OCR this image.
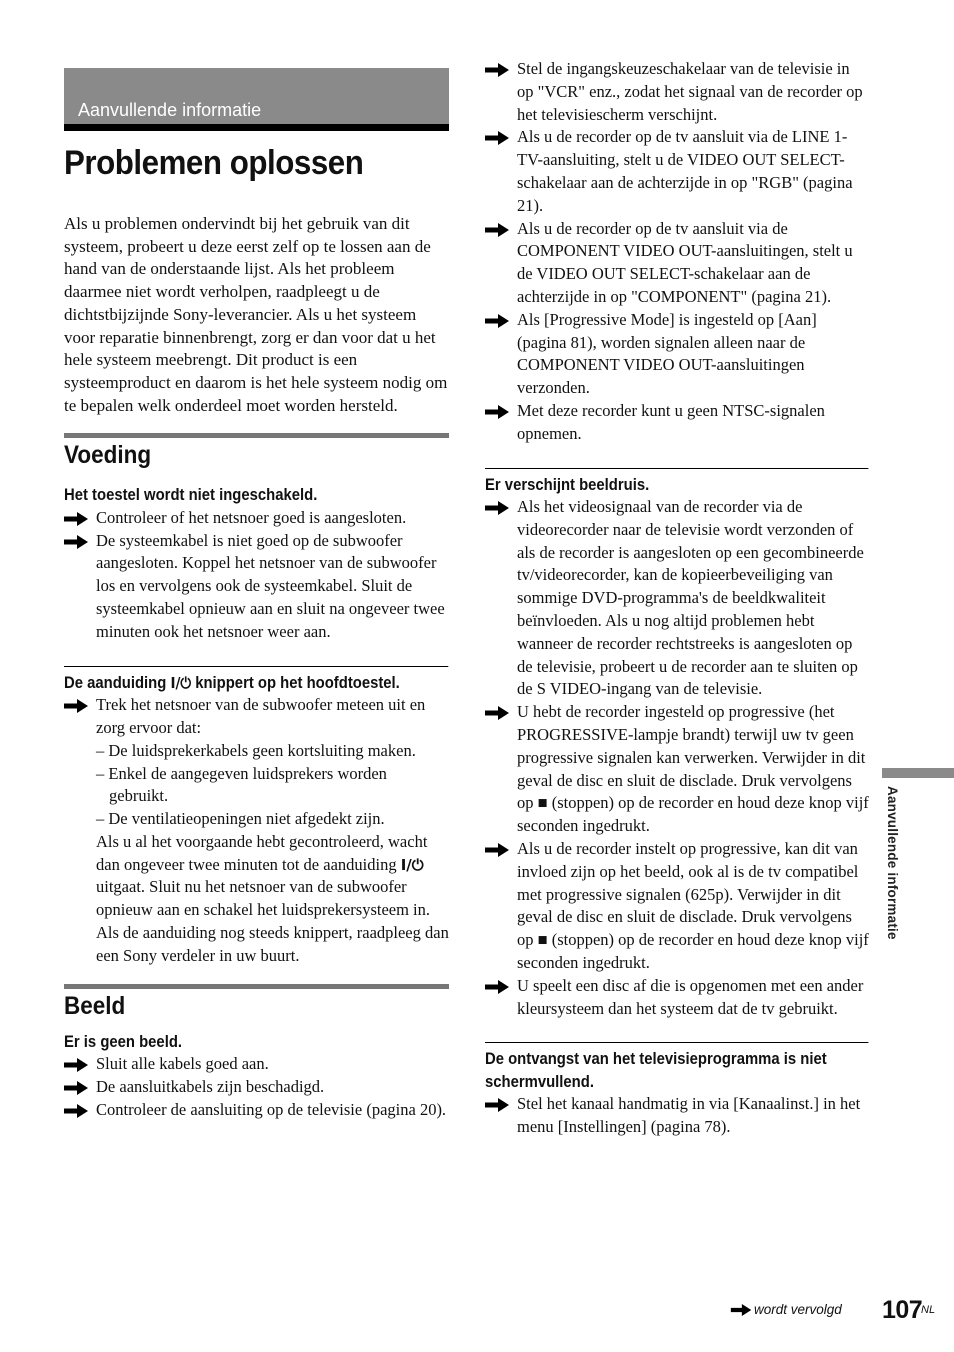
Aanvullende informatie
Problemen oplossen

Als u problemen ondervindt bij het gebruik van dit systeem, probeert u deze eerst zelf op te lossen aan de hand van de onderstaande lijst. Als het probleem daarmee niet wordt verholpen, raadpleegt u de dichtstbijzijnde Sony-leverancier. Als u het systeem voor reparatie binnenbrengt, zorg er dan voor dat u het hele systeem meebrengt. Dit product is een systeemproduct en daarom is het hele systeem nodig om te bepalen welk onderdeel moet worden hersteld.

Voeding
Het toestel wordt niet ingeschakeld.
Controleer of het netsnoer goed is aangesloten.
De systeemkabel is niet goed op de subwoofer aangesloten. Koppel het netsnoer van de subwoofer los en vervolgens ook de systeemkabel. Sluit de systeemkabel opnieuw aan en sluit na ongeveer twee minuten ook het netsnoer weer aan.
De aanduiding I/⏻ knippert op het hoofdtoestel.
Trek het netsnoer van de subwoofer meteen uit en zorg ervoor dat:
– De luidsprekerkabels geen kortsluiting maken.
– Enkel de aangegeven luidsprekers worden gebruikt.
– De ventilatieopeningen niet afgedekt zijn.
Als u al het voorgaande hebt gecontroleerd, wacht dan ongeveer twee minuten tot de aanduiding I/⏻ uitgaat. Sluit nu het netsnoer van de subwoofer opnieuw aan en schakel het luidsprekersysteem in. Als de aanduiding nog steeds knippert, raadpleeg dan een Sony verdeler in uw buurt.
Beeld
Er is geen beeld.
Sluit alle kabels goed aan.
De aansluitkabels zijn beschadigd.
Controleer de aansluiting op de televisie (pagina 20).
Stel de ingangskeuzeschakelaar van de televisie in op "VCR" enz., zodat het signaal van de recorder op het televisiescherm verschijnt.
Als u de recorder op de tv aansluit via de LINE 1-TV-aansluiting, stelt u de VIDEO OUT SELECT-schakelaar aan de achterzijde in op "RGB" (pagina 21).
Als u de recorder op de tv aansluit via de COMPONENT VIDEO OUT-aansluitingen, stelt u de VIDEO OUT SELECT-schakelaar aan de achterzijde in op "COMPONENT" (pagina 21).
Als [Progressive Mode] is ingesteld op [Aan] (pagina 81), worden signalen alleen naar de COMPONENT VIDEO OUT-aansluitingen verzonden.
Met deze recorder kunt u geen NTSC-signalen opnemen.
Er verschijnt beeldruis.
Als het videosignaal van de recorder via de videorecorder naar de televisie wordt verzonden of als de recorder is aangesloten op een gecombineerde tv/videorecorder, kan de kopieerbeveiliging van sommige DVD-programma's de beeldkwaliteit beïnvloeden. Als u nog altijd problemen hebt wanneer de recorder rechtstreeks is aangesloten op de televisie, probeert u de recorder aan te sluiten op de S VIDEO-ingang van de televisie.
U hebt de recorder ingesteld op progressive (het PROGRESSIVE-lampje brandt) terwijl uw tv geen progressive signalen kan verwerken. Verwijder in dit geval de disc en sluit de disclade. Druk vervolgens op ■ (stoppen) op de recorder en houd deze knop vijf seconden ingedrukt.
Als u de recorder instelt op progressive, kan dit van invloed zijn op het beeld, ook al is de tv compatibel met progressive signalen (625p). Verwijder in dit geval de disc en sluit de disclade. Druk vervolgens op ■ (stoppen) op de recorder en houd deze knop vijf seconden ingedrukt.
U speelt een disc af die is opgenomen met een ander kleursysteem dan het systeem dat de tv gebruikt.
De ontvangst van het televisieprogramma is niet schermvullend.
Stel het kanaal handmatig in via [Kanaalinst.] in het menu [Instellingen] (pagina 78).
Aanvullende informatie
wordt vervolgd 107
NL
